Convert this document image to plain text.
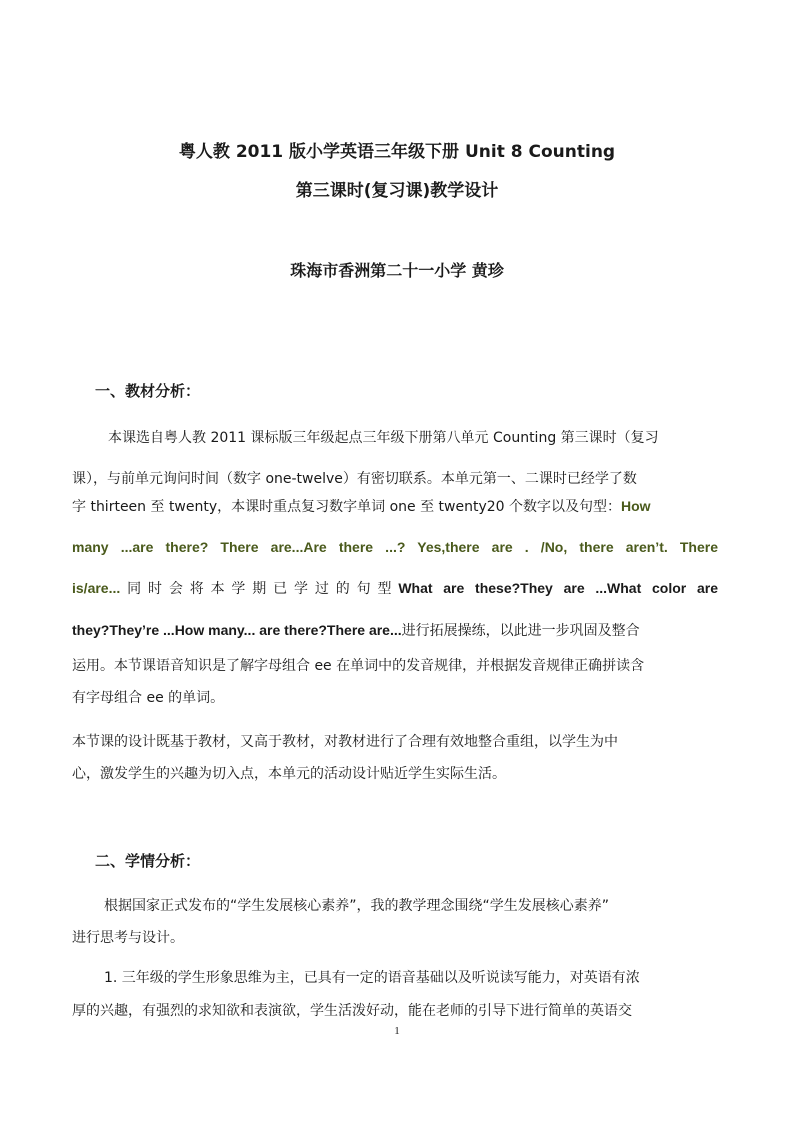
粤人教 2011 版小学英语三年级下册 Unit 8 Counting
第三课时(复习课)教学设计
珠海市香洲第二十一小学 黄珍
一、教材分析：
本课选自粤人教 2011 课标版三年级起点三年级下册第八单元 Counting 第三课时（复习
课），与前单元询问时间（数字 one-twelve）有密切联系。本单元第一、二课时已经学了数
字 thirteen 至 twenty，本课时重点复习数字单词 one 至 twenty20 个数字以及句型：How
many ...are there? There are...Are there ...? Yes,there are . /No, there aren’t. There
is/are...同时会将本学期已学过的句型What are these?They are ...What color are
they?They’re ...How many... are there?There are...进行拓展操练，以此进一步巩固及整合
运用。本节课语音知识是了解字母组合 ee 在单词中的发音规律，并根据发音规律正确拼读含
有字母组合 ee 的单词。
本节课的设计既基于教材，又高于教材，对教材进行了合理有效地整合重组，以学生为中
心，激发学生的兴趣为切入点，本单元的活动设计贴近学生实际生活。
二、学情分析：
根据国家正式发布的“学生发展核心素养”，我的教学理念围绕“学生发展核心素养”
进行思考与设计。
1. 三年级的学生形象思维为主，已具有一定的语音基础以及听说读写能力，对英语有浓
厚的兴趣，有强烈的求知欲和表演欲，学生活泼好动，能在老师的引导下进行简单的英语交
1
